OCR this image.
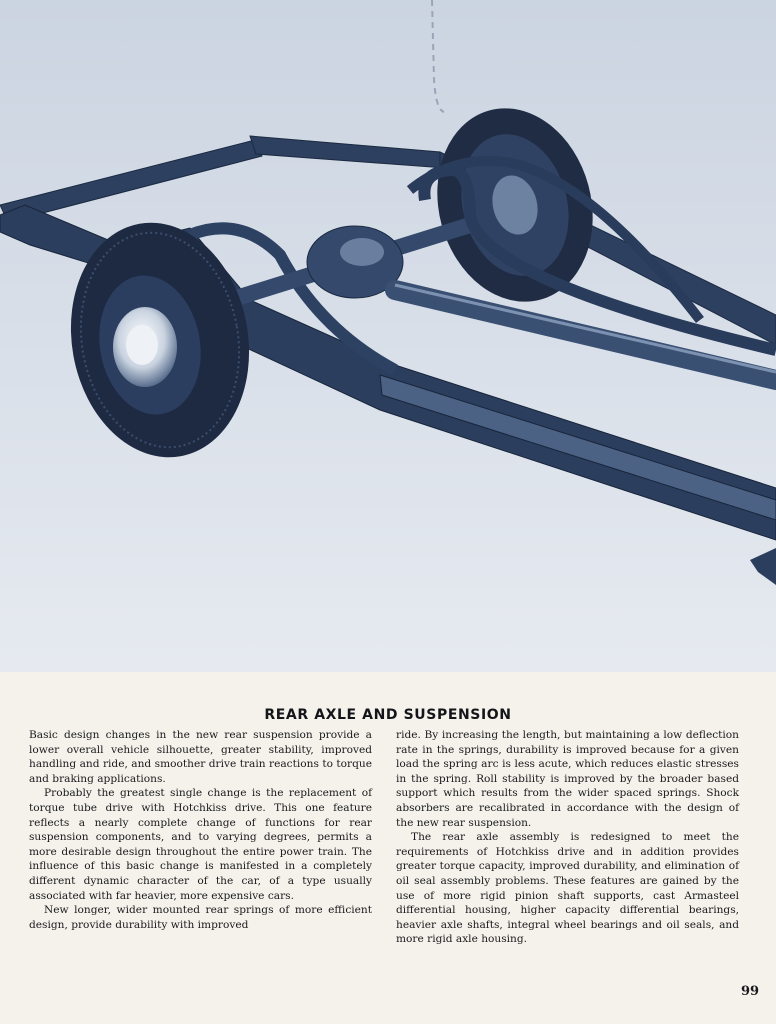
REAR AXLE AND SUSPENSION

Basic design changes in the new rear suspension provide a lower overall vehicle silhouette, greater stability, improved handling and ride, and smoother drive train reactions to torque and braking applications.

Probably the greatest single change is the replacement of torque tube drive with Hotchkiss drive. This one feature reflects a nearly complete change of functions for rear suspension components, and to varying degrees, permits a more desirable design throughout the entire power train. The influence of this basic change is manifested in a completely different dynamic character of the car, of a type usually associated with far heavier, more expensive cars.

New longer, wider mounted rear springs of more efficient design, provide durability with improved

ride. By increasing the length, but maintaining a low deflection rate in the springs, durability is improved because for a given load the spring arc is less acute, which reduces elastic stresses in the spring. Roll stability is improved by the broader based support which results from the wider spaced springs. Shock absorbers are recalibrated in accordance with the design of the new rear suspension.

The rear axle assembly is redesigned to meet the requirements of Hotchkiss drive and in addition provides greater torque capacity, improved durability, and elimination of oil seal assembly problems. These features are gained by the use of more rigid pinion shaft supports, cast Armasteel differential housing, higher capacity differential bearings, heavier axle shafts, integral wheel bearings and oil seals, and more rigid axle housing.

99
